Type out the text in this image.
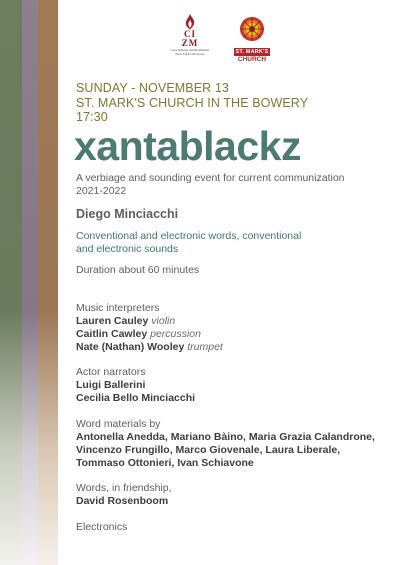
CI
ZM
Casa Italiana Zerilli-Marimò
New York University	ST. MARK'S
CHURCH
SUNDAY - NOVEMBER 13
ST. MARK'S CHURCH IN THE BOWERY
17:30
xantablackz
A verbiage and sounding event for current communization
2021-2022
Diego Minciacchi
Conventional and electronic words, conventional
and electronic sounds
Duration about 60 minutes
Music interpreters
Lauren Cauley violin
Caitlin Cawley percussion
Nate (Nathan) Wooley trumpet
Actor narrators
Luigi Ballerini
Cecilia Bello Minciacchi
Word materials by
Antonella Anedda, Mariano Bàino, Maria Grazia Calandrone,
Vincenzo Frungillo, Marco Giovenale, Laura Liberale,
Tommaso Ottonieri, Ivan Schiavone
Words, in friendship,
David Rosenboom
Electronics
